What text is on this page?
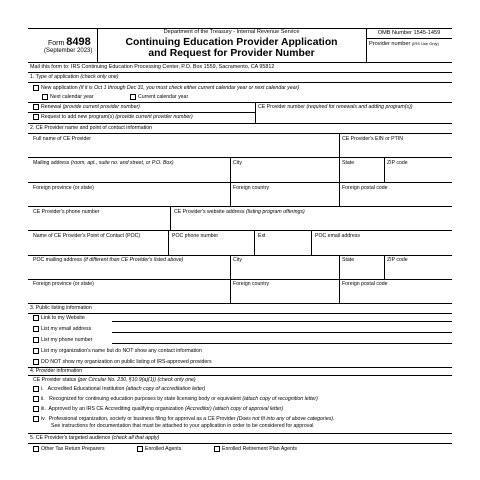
Form 8498
(September 2023)
Department of the Treasury - Internal Revenue Service
Continuing Education Provider Application
and Request for Provider Number
OMB Number 1545-1459
Provider number (IRS Use Only)
Mail this form to: IRS Continuing Education Processing Center, P.O. Box 1559, Sacramento, CA 95812
1. Type of application (check only one)
New application (if it is Oct 1 through Dec 31, you must check either current calendar year or next calendar year)
Next calendar year	Current calendar year
Renewal (provide current provider number)	CE Provider number (required for renewals and adding program(s))
Request to add new program(s) (provide current provider number)
2. CE Provider name and point of contact information
Full name of CE Provider	CE Provider's EIN or PTIN
Mailing address (room, apt., suite no. and street, or P.O. Box)	City	State	ZIP code
Foreign province (or state)	Foreign country	Foreign postal code
CE Provider's phone number	CE Provider's website address (listing program offerings)
Name of CE Provider's Point of Contact (POC)	POC phone number	Ext	POC email address
POC mailing address (if different than CE Provider's listed above)	City	State	ZIP code
Foreign province (or state)	Foreign country	Foreign postal code
3. Public listing information
Link to my Website
List my email address
List my phone number
List my organization's name but do NOT show any contact information
DO NOT show my organization on public listing of IRS-approved providers
4. Provider information
CE Provider status (per Circular No. 230, §10.9(a)(1)) (check only one)
i. Accredited Educational Institution (attach copy of accreditation letter)
ii. Recognized for continuing education purposes by state licensing body or equivalent (attach copy of recognition letter)
iii. Approved by an IRS CE Accrediting qualifying organization (Accreditor) (attach copy of approval letter)
iv. Professional organization, society or business filing for approval as a CE Provider (Does not fit into any of above categories).
See instructions for documentation that must be attached to your application in order to be considered for approval
5. CE Provider's targeted audience (check all that apply)
Other Tax Return Preparers	Enrolled Agents	Enrolled Retirement Plan Agents
